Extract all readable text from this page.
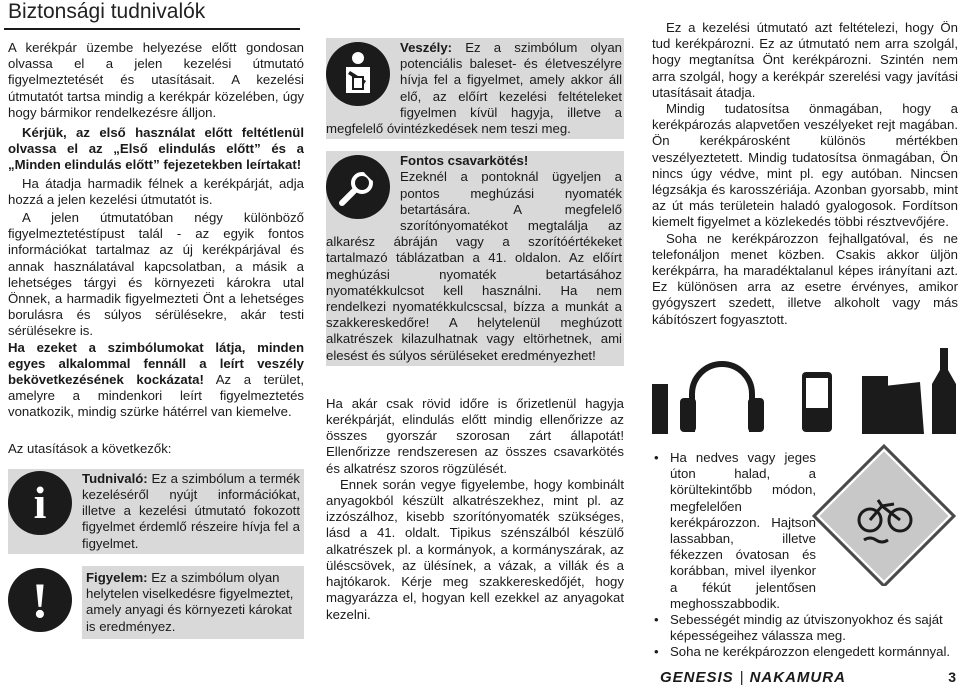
Biztonsági tudnivalók

A kerékpár üzembe helyezése előtt gondosan olvassa el a jelen kezelési útmutató figyelmeztetését és utasításait. A kezelési útmutatót tartsa mindig a kerékpár közelében, úgy hogy bármikor rendelkezésre álljon.

Kérjük, az első használat előtt feltétlenül olvassa el az „Első elindulás előtt” és a „Minden elindulás előtt” fejezetekben leírtakat!

Ha átadja harmadik félnek a kerékpárját, adja hozzá a jelen kezelési útmutatót is.

A jelen útmutatóban négy különböző figyelmeztetéstípust talál - az egyik fontos információkat tartalmaz az új kerékpárjával és annak használatával kapcsolatban, a másik a lehetséges tárgyi és környezeti károkra utal Önnek, a harmadik figyelmezteti Önt a lehetséges borulásra és súlyos sérülésekre, akár testi sérülésekre is.

Ha ezeket a szimbólumokat látja, minden egyes alkalommal fennáll a leírt veszély bekövetkezésének kockázata! Az a terület, amelyre a mindenkori leírt figyelmeztetés vonatkozik, mindig szürke hátérrel van kiemelve.

Az utasítások a következők:

i	Tudnivaló: Ez a szimbólum a termék kezeléséről nyújt információkat, illetve a kezelési útmutató fokozott figyelmet érdemlő részeire hívja fel a figyelmet.

!	Figyelem: Ez a szimbólum olyan helytelen viselkedésre figyelmeztet, amely anyagi és környezeti károkat is eredményez.

Veszély: Ez a szimbólum olyan potenciális baleset- és életveszélyre hívja fel a figyelmet, amely akkor áll elő, az előírt kezelési feltételeket figyelmen kívül hagyja, illetve a megfelelő óvintézkedések nem teszi meg.

Fontos csavarkötés!

Ezeknél a pontoknál ügyeljen a pontos meghúzási nyomaték betartására. A megfelelő szorítónyomatékot megtalálja az alkarész ábráján vagy a szorítóértékeket tartalmazó táblázatban a 41. oldalon. Az előírt meghúzási nyomaték betartásához nyomatékkulcsot kell használni. Ha nem rendelkezi nyomatékkulcscsal, bízza a munkát a szakkereskedőre! A helytelenül meghúzott alkatrészek kilazulhatnak vagy eltörhetnek, ami elesést és súlyos sérüléseket eredményezhet!

Ha akár csak rövid időre is őrizetlenül hagyja kerékpárját, elindulás előtt mindig ellenőrizze az összes gyorszár szorosan zárt állapotát! Ellenőrizze rendszeresen az összes csavarkötés és alkatrész szoros rögzülését.

Ennek során vegye figyelembe, hogy kombinált anyagokból készült alkatrészekhez, mint pl. az izzószálhoz, kisebb szorítónyomaték szükséges, lásd a 41. oldalt. Tipikus szénszálból készülő alkatrészek pl. a kormányok, a kormányszárak, az üléscsövek, az ülésínek, a vázak, a villák és a hajtókarok. Kérje meg szakkereskedőjét, hogy magyarázza el, hogyan kell ezekkel az anyagokat kezelni.

Ez a kezelési útmutató azt feltételezi, hogy Ön tud kerékpározni. Ez az útmutató nem arra szolgál, hogy megtanítsa Önt kerékpározni. Szintén nem arra szolgál, hogy a kerékpár szerelési vagy javítási utasításait átadja.

Mindig tudatosítsa önmagában, hogy a kerékpározás alapvetően veszélyeket rejt magában. Ön kerékpárosként különös mértékben veszélyeztetett. Mindig tudatosítsa önmagában, Ön nincs úgy védve, mint pl. egy autóban. Nincsen légzsákja és karosszériája. Azonban gyorsabb, mint az út más területein haladó gyalogosok. Fordítson kiemelt figyelmet a közlekedés többi résztvevőjére.

Soha ne kerékpározzon fejhallgatóval, és ne telefonáljon menet közben. Csakis akkor üljön kerékpárra, ha maradéktalanul képes irányítani azt. Ez különösen arra az esetre érvényes, amikor gyógyszert szedett, illetve alkoholt vagy más kábítószert fogyasztott.

• Ha nedves vagy jeges úton halad, a körültekintőbb módon, megfelelően kerékpározzon. Hajtson lassabban, illetve fékezzen óvatosan és korábban, mivel ilyenkor a fékút jelentősen meghosszabbodik.
• Sebességét mindig az útviszonyokhoz és saját képességeihez válassza meg.
• Soha ne kerékpározzon elengedett kormánnyal.
GENESIS | NAKAMURA	3
